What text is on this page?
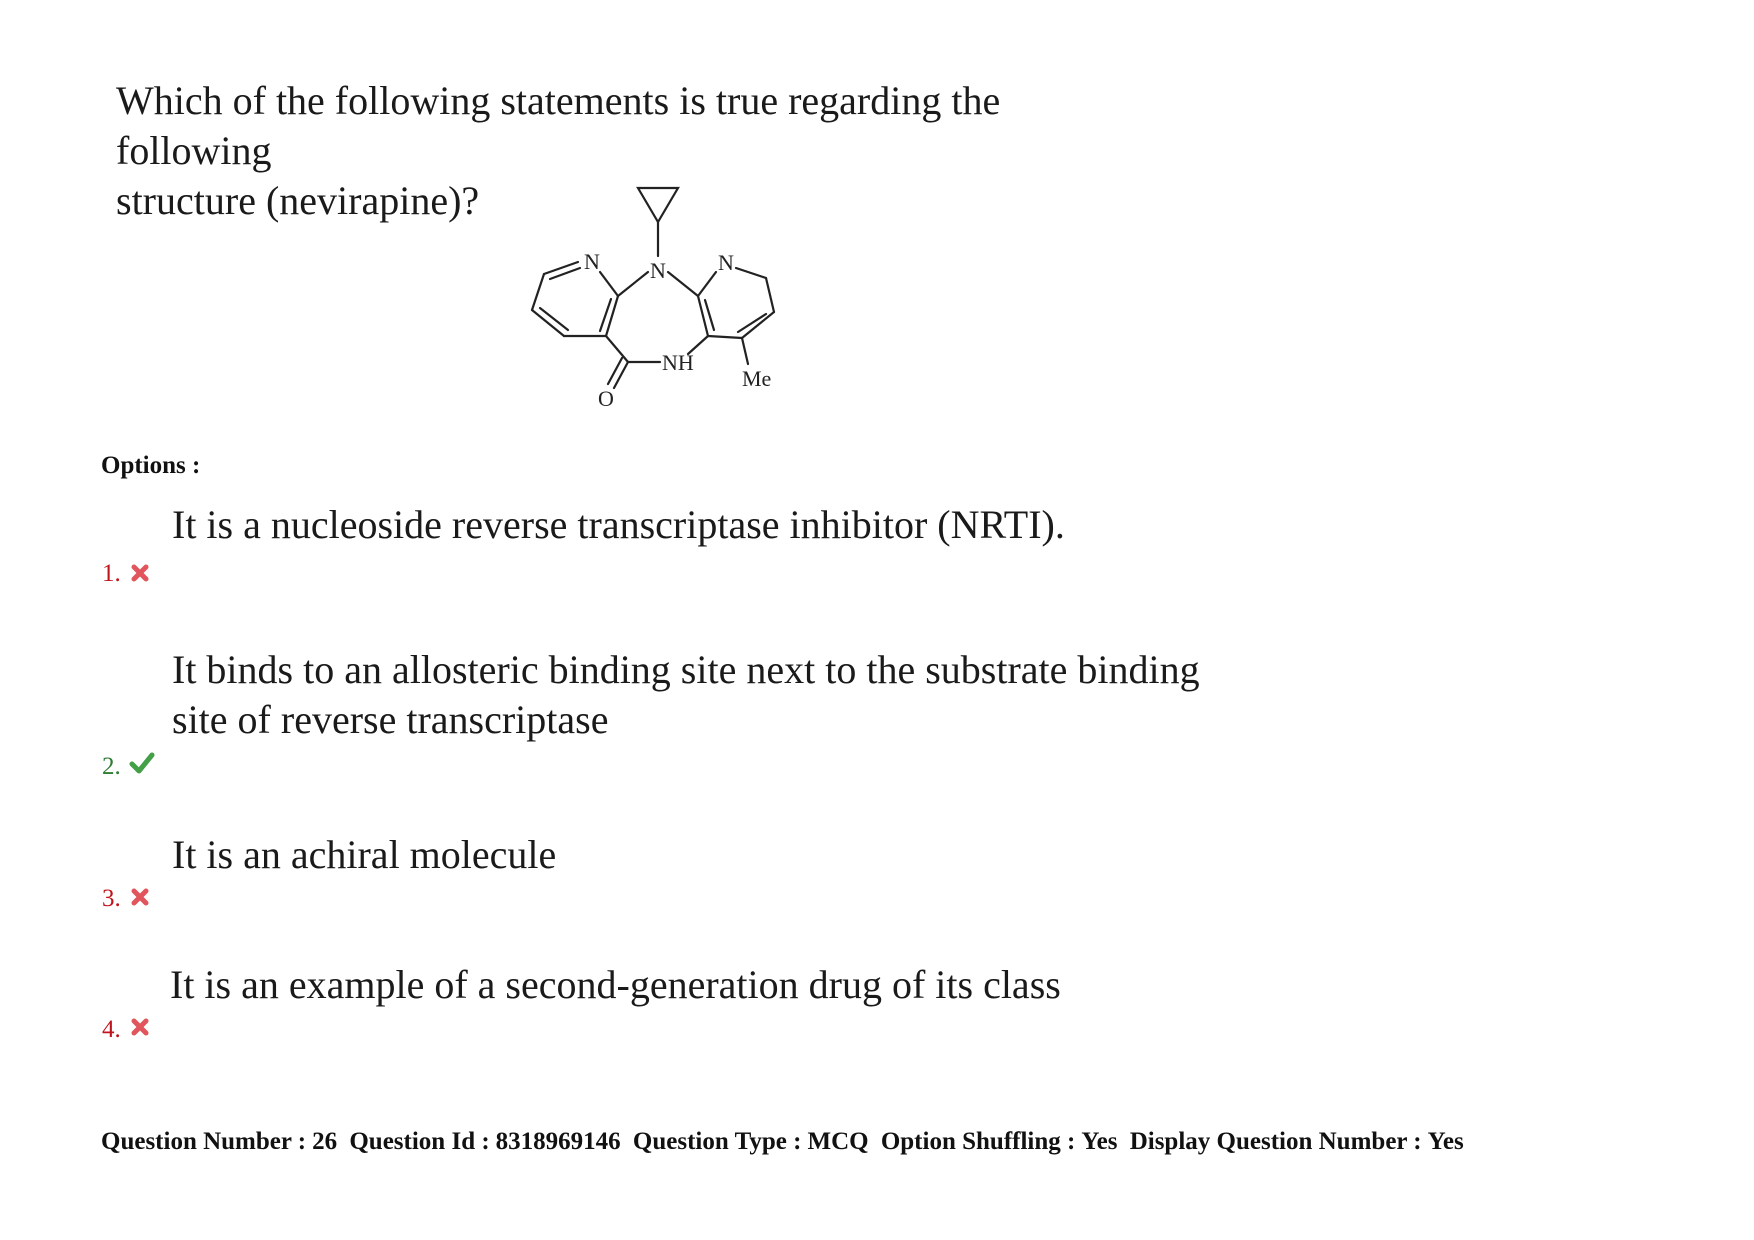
Which of the following statements is true regarding the following
structure (nevirapine)?
N
N	N
NH
O
Me
Options :
It is a nucleoside reverse transcriptase inhibitor (NRTI).
1.
It binds to an allosteric binding site next to the substrate binding
site of reverse transcriptase
2.
It is an achiral molecule
3.
It is an example of a second-generation drug of its class
4.
Question Number : 26 Question Id : 8318969146 Question Type : MCQ Option Shuffling : Yes Display Question Number : Yes
